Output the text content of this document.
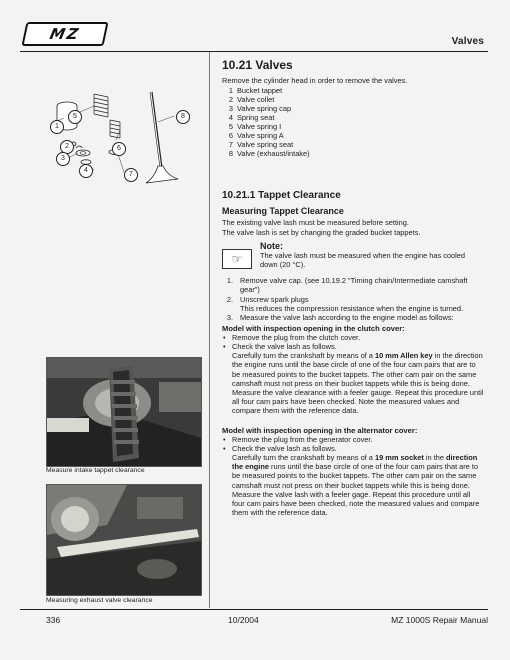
MZ	Valves
1
2
3
4
5
6
7
8
10.21 Valves
Remove the cylinder head in order to remove the valves.
1 Bucket tappet
2 Valve collet
3 Valve spring cap
4 Spring seat
5 Valve spring I
6 Valve spring A
7 Valve spring seat
8 Valve (exhaust/intake)
10.21.1 Tappet Clearance
Measuring Tappet Clearance
The existing valve lash must be measured before setting.
The valve lash is set by changing the graded bucket tappets.
☞
Note:
The valve lash must be measured when the engine has cooled down (20 °C).
1. Remove valve cap. (see 10.19.2 "Timing chain/Intermediate camshaft gear")
2. Unscrew spark plugs
This reduces the compression resistance when the engine is turned.
3. Measure the valve lash according to the engine model as follows:
Model with inspection opening in the clutch cover:
• Remove the plug from the clutch cover.
• Check the valve lash as follows.
Carefully turn the crankshaft by means of a 10 mm Allen key in the direction the engine runs until the base circle of one of the four cam pairs that are to be measured points to the bucket tappets. The other cam pair on the same camshaft must not press on their bucket tappets while this is being done. Measure the valve clearance with a feeler gauge. Repeat this procedure until all four cam pairs have been checked. Note the measured values and compare them with the reference data.
Model with inspection opening in the alternator cover:
• Remove the plug from the generator cover.
• Check the valve lash as follows.
Carefully turn the crankshaft by means of a 19 mm socket in the direction the engine runs until the base circle of one of the four cam pairs that are to be measured points to the bucket tappets. The other cam pair on the same camshaft must not press on their bucket tappets while this is being done.
Measure the valve lash with a feeler gage. Repeat this procedure until all four cam pairs have been checked, note the measured values and compare them with the reference data.
Measure intake tappet clearance
Measuring exhaust valve clearance
336	10/2004	MZ 1000S Repair Manual
